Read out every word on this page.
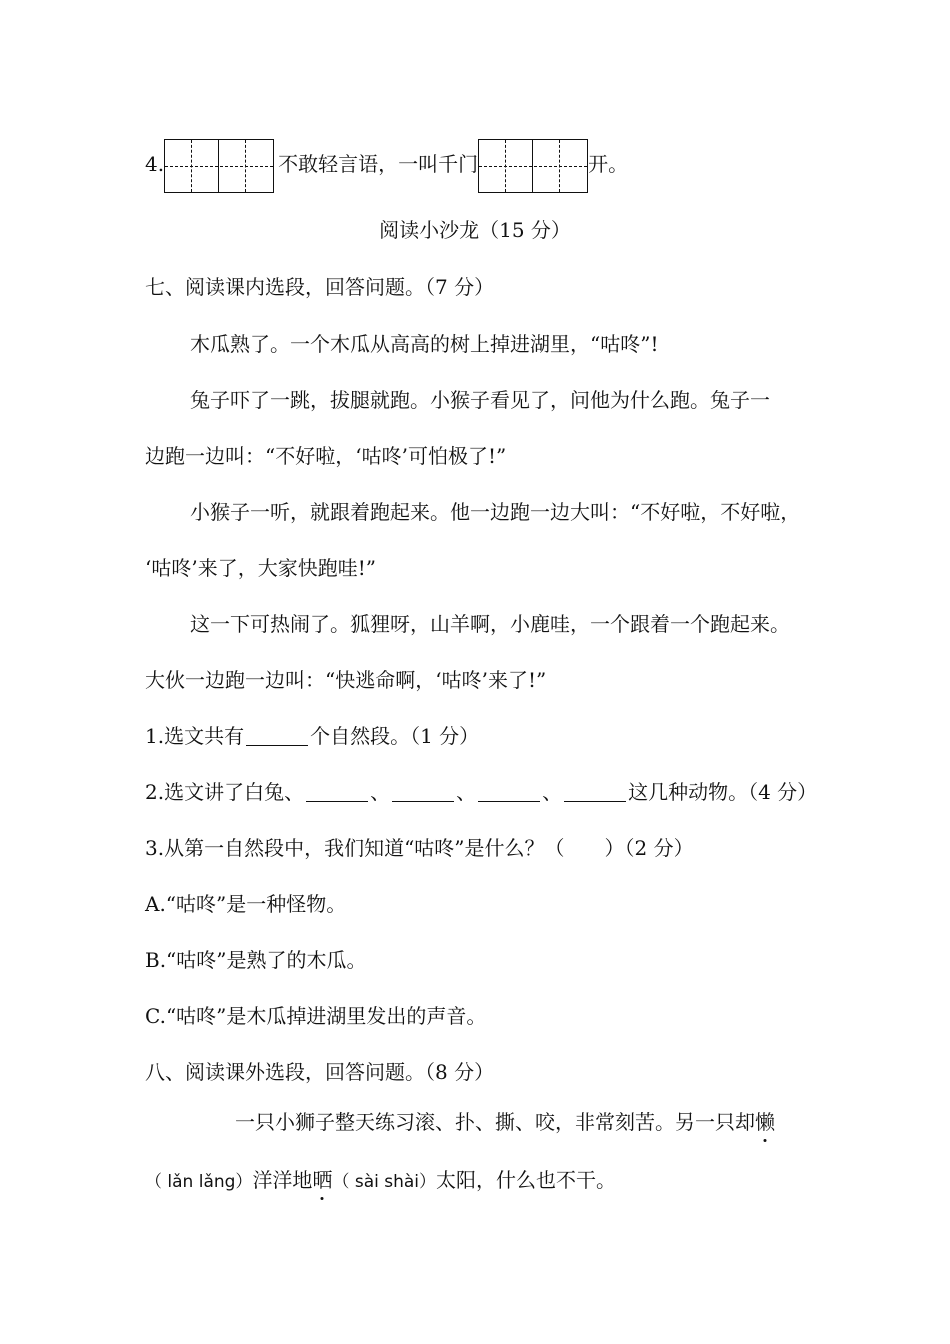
4.	不敢轻言语，一叫千门	开。
阅读小沙龙（15 分）
七、阅读课内选段，回答问题。（7 分）
木瓜熟了。一个木瓜从高高的树上掉进湖里，“咕咚”!
兔子吓了一跳，拔腿就跑。小猴子看见了，问他为什么跑。兔子一
边跑一边叫：“不好啦，‘咕咚’可怕极了!”
小猴子一听，就跟着跑起来。他一边跑一边大叫：“不好啦，不好啦，
‘咕咚’来了，大家快跑哇!”
这一下可热闹了。狐狸呀，山羊啊，小鹿哇，一个跟着一个跑起来。
大伙一边跑一边叫：“快逃命啊，‘咕咚’来了!”
1.选文共有	个自然段。（1 分）
2.选文讲了白兔、	、	、	、	这几种动物。（4 分）
3.从第一自然段中，我们知道“咕咚”是什么？（　　）（2 分）
A.“咕咚”是一种怪物。
B.“咕咚”是熟了的木瓜。
C.“咕咚”是木瓜掉进湖里发出的声音。
八、阅读课外选段，回答问题。（8 分）
一只小狮子整天练习滚、扑、撕、咬，非常刻苦。另一只却懒
（ lǎn lǎng）洋洋地晒（ sài shài）太阳，什么也不干。
